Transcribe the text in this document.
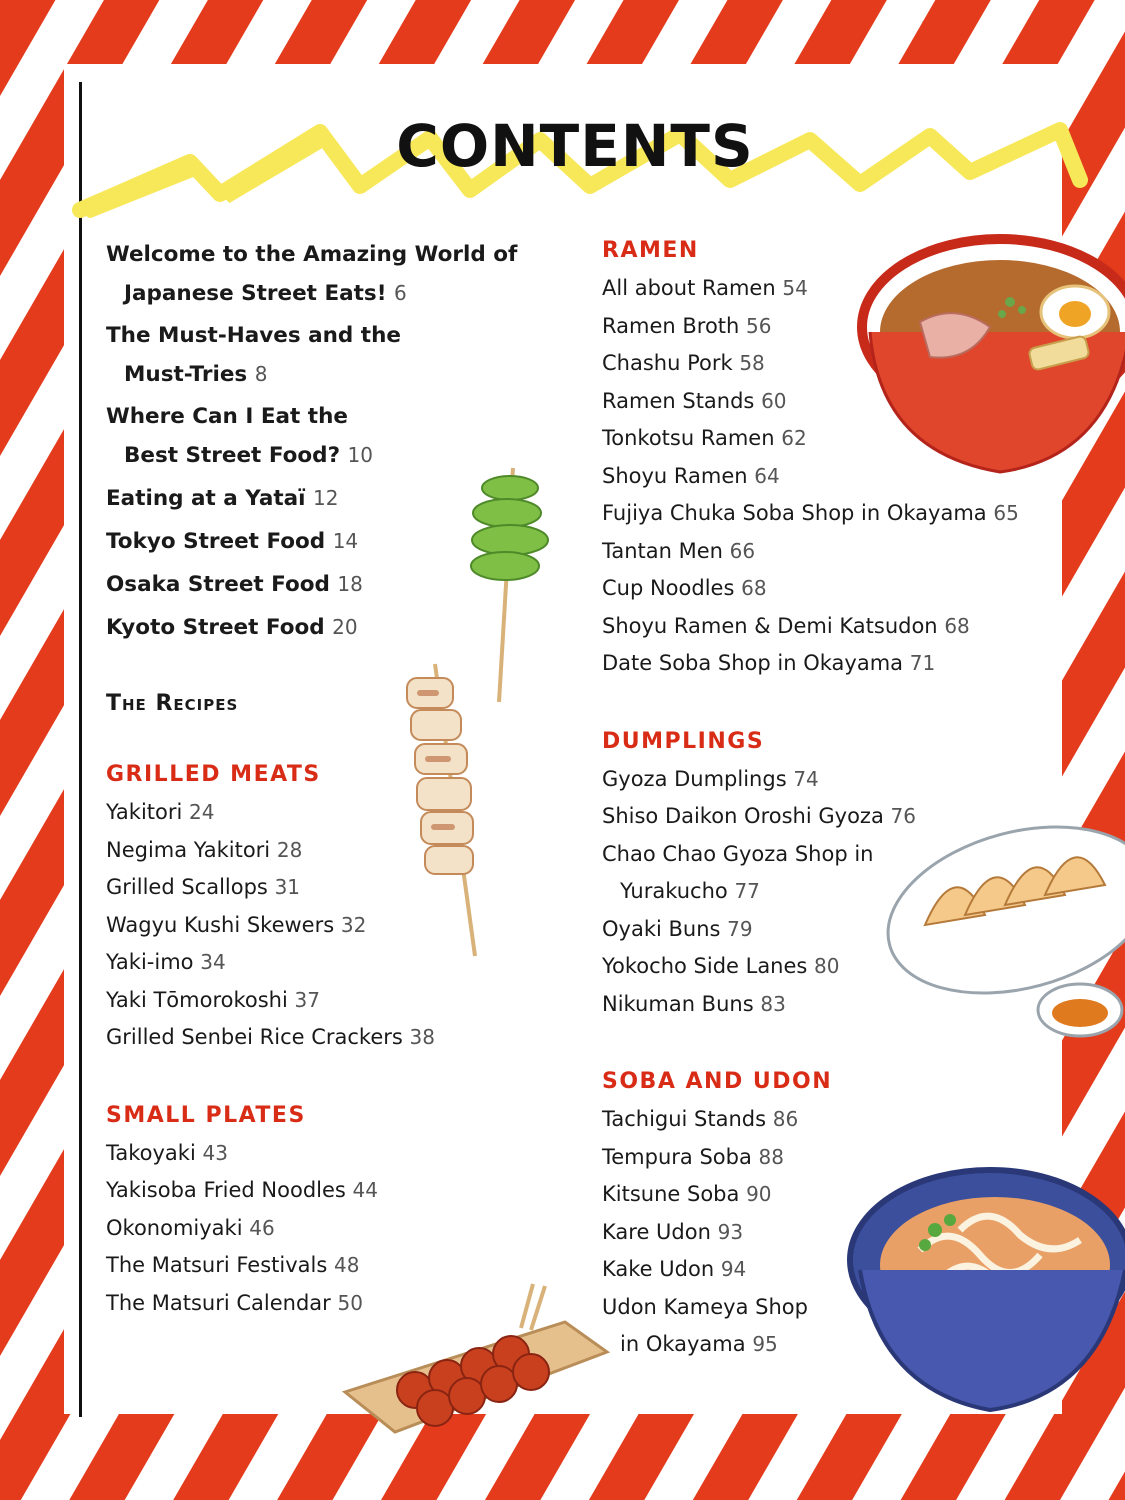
CONTENTS
Welcome to the Amazing World of
Japanese Street Eats! 6
The Must-Haves and the
Must-Tries 8
Where Can I Eat the
Best Street Food? 10
Eating at a Yataï 12
Tokyo Street Food 14
Osaka Street Food 18
Kyoto Street Food 20
The Recipes
GRILLED MEATS
Yakitori 24
Negima Yakitori 28
Grilled Scallops 31
Wagyu Kushi Skewers 32
Yaki-imo 34
Yaki Tōmorokoshi 37
Grilled Senbei Rice Crackers 38
SMALL PLATES
Takoyaki 43
Yakisoba Fried Noodles 44
Okonomiyaki 46
The Matsuri Festivals 48
The Matsuri Calendar 50
RAMEN
All about Ramen 54
Ramen Broth 56
Chashu Pork 58
Ramen Stands 60
Tonkotsu Ramen 62
Shoyu Ramen 64
Fujiya Chuka Soba Shop in Okayama 65
Tantan Men 66
Cup Noodles 68
Shoyu Ramen & Demi Katsudon 68
Date Soba Shop in Okayama 71
DUMPLINGS
Gyoza Dumplings 74
Shiso Daikon Oroshi Gyoza 76
Chao Chao Gyoza Shop in
Yurakucho 77
Oyaki Buns 79
Yokocho Side Lanes 80
Nikuman Buns 83
SOBA AND UDON
Tachigui Stands 86
Tempura Soba 88
Kitsune Soba 90
Kare Udon 93
Kake Udon 94
Udon Kameya Shop
in Okayama 95
